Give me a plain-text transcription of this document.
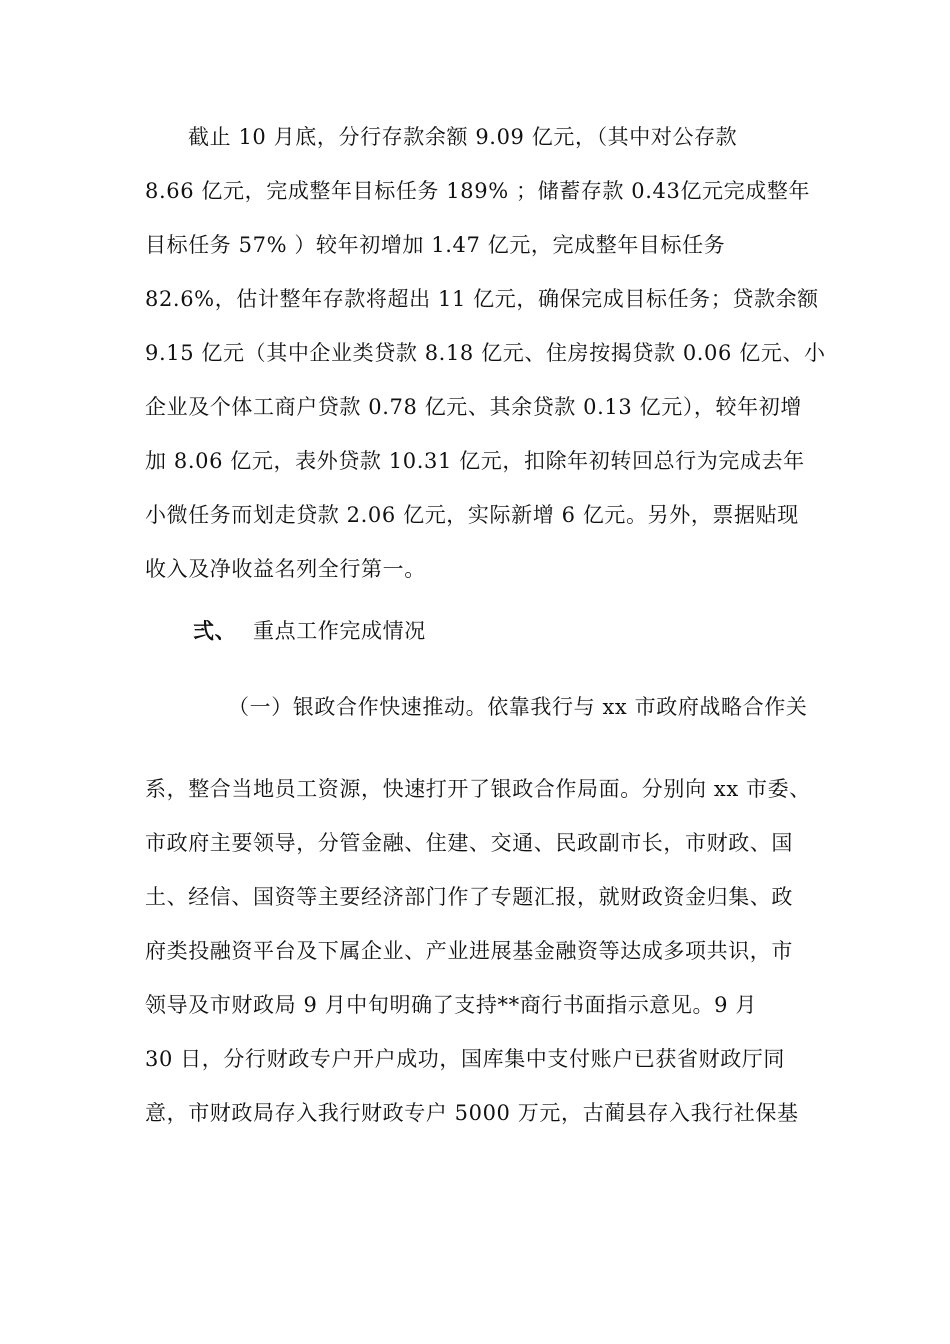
截止 10 月底，分行存款余额 9.09 亿元，（其中对公存款
8.66 亿元，完成整年目标任务 189% ；储蓄存款 0.43亿元完成整年
目标任务 57% ）较年初增加 1.47 亿元，完成整年目标任务
82.6%，估计整年存款将超出 11 亿元，确保完成目标任务；贷款余额
9.15 亿元（其中企业类贷款 8.18 亿元、住房按揭贷款 0.06 亿元、小
企业及个体工商户贷款 0.78 亿元、其余贷款 0.13 亿元），较年初增
加 8.06 亿元，表外贷款 10.31 亿元，扣除年初转回总行为完成去年
小微任务而划走贷款 2.06 亿元，实际新增 6 亿元。另外，票据贴现
收入及净收益名列全行第一。
弍、 重点工作完成情况
（一）银政合作快速推动。依靠我行与 xx 市政府战略合作关
系，整合当地员工资源，快速打开了银政合作局面。分别向 xx 市委、
市政府主要领导，分管金融、住建、交通、民政副市长，市财政、国
土、经信、国资等主要经济部门作了专题汇报，就财政资金归集、政
府类投融资平台及下属企业、产业进展基金融资等达成多项共识，市
领导及市财政局 9 月中旬明确了支持**商行书面指示意见。9 月
30 日，分行财政专户开户成功，国库集中支付账户已获省财政厅同
意，市财政局存入我行财政专户 5000 万元，古蔺县存入我行社保基
